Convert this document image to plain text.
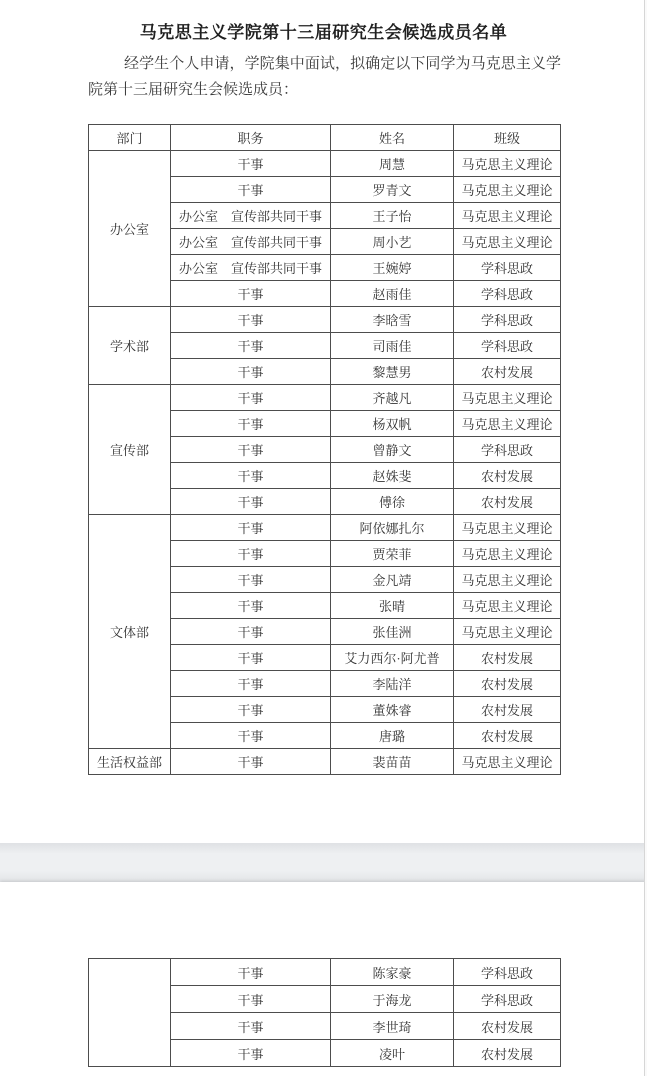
马克思主义学院第十三届研究生会候选成员名单
经学生个人申请，学院集中面试，拟确定以下同学为马克思主义学院第十三届研究生会候选成员：
部门	职务	姓名	班级
办公室	干事	周慧	马克思主义理论
	干事	罗青文	马克思主义理论
	办公室　宣传部共同干事	王子怡	马克思主义理论
	办公室　宣传部共同干事	周小艺	马克思主义理论
	办公室　宣传部共同干事	王婉婷	学科思政
	干事	赵雨佳	学科思政
学术部	干事	李晗雪	学科思政
	干事	司雨佳	学科思政
	干事	黎慧男	农村发展
宣传部	干事	齐越凡	马克思主义理论
	干事	杨双帆	马克思主义理论
	干事	曾静文	学科思政
	干事	赵姝斐	农村发展
	干事	傅徐	农村发展
文体部	干事	阿依娜扎尔	马克思主义理论
	干事	贾荣菲	马克思主义理论
	干事	金凡靖	马克思主义理论
	干事	张晴	马克思主义理论
	干事	张佳洲	马克思主义理论
	干事	艾力西尔·阿尤普	农村发展
	干事	李陆洋	农村发展
	干事	董姝睿	农村发展
	干事	唐璐	农村发展
生活权益部	干事	裴苗苗	马克思主义理论
	干事	陈家豪	学科思政
	干事	于海龙	学科思政
	干事	李世琦	农村发展
	干事	凌叶	农村发展
